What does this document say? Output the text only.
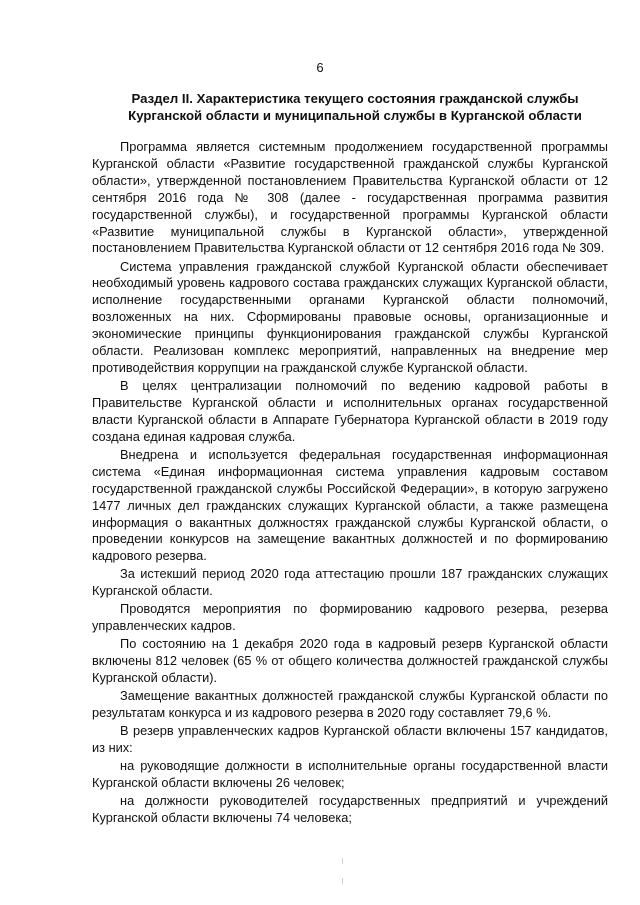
6
Раздел II. Характеристика текущего состояния гражданской службы
Курганской области и муниципальной службы в Курганской области

Программа является системным продолжением государственной программы Курганской области «Развитие государственной гражданской службы Курганской области», утвержденной постановлением Правительства Курганской области от 12 сентября 2016 года № 308 (далее - государственная программа развития государственной службы), и государственной программы Курганской области «Развитие муниципальной службы в Курганской области», утвержденной постановлением Правительства Курганской области от 12 сентября 2016 года № 309.

Система управления гражданской службой Курганской области обеспечивает необходимый уровень кадрового состава гражданских служащих Курганской области, исполнение государственными органами Курганской области полномочий, возложенных на них. Сформированы правовые основы, организационные и экономические принципы функционирования гражданской службы Курганской области. Реализован комплекс мероприятий, направленных на внедрение мер противодействия коррупции на гражданской службе Курганской области.

В целях централизации полномочий по ведению кадровой работы в Правительстве Курганской области и исполнительных органах государственной власти Курганской области в Аппарате Губернатора Курганской области в 2019 году создана единая кадровая служба.

Внедрена и используется федеральная государственная информационная система «Единая информационная система управления кадровым составом государственной гражданской службы Российской Федерации», в которую загружено 1477 личных дел гражданских служащих Курганской области, а также размещена информация о вакантных должностях гражданской службы Курганской области, о проведении конкурсов на замещение вакантных должностей и по формированию кадрового резерва.

За истекший период 2020 года аттестацию прошли 187 гражданских служащих Курганской области.

Проводятся мероприятия по формированию кадрового резерва, резерва управленческих кадров.

По состоянию на 1 декабря 2020 года в кадровый резерв Курганской области включены 812 человек (65 % от общего количества должностей гражданской службы Курганской области).

Замещение вакантных должностей гражданской службы Курганской области по результатам конкурса и из кадрового резерва в 2020 году составляет 79,6 %.

В резерв управленческих кадров Курганской области включены 157 кандидатов, из них:

на руководящие должности в исполнительные органы государственной власти Курганской области включены 26 человек;

на должности руководителей государственных предприятий и учреждений Курганской области включены 74 человека;
